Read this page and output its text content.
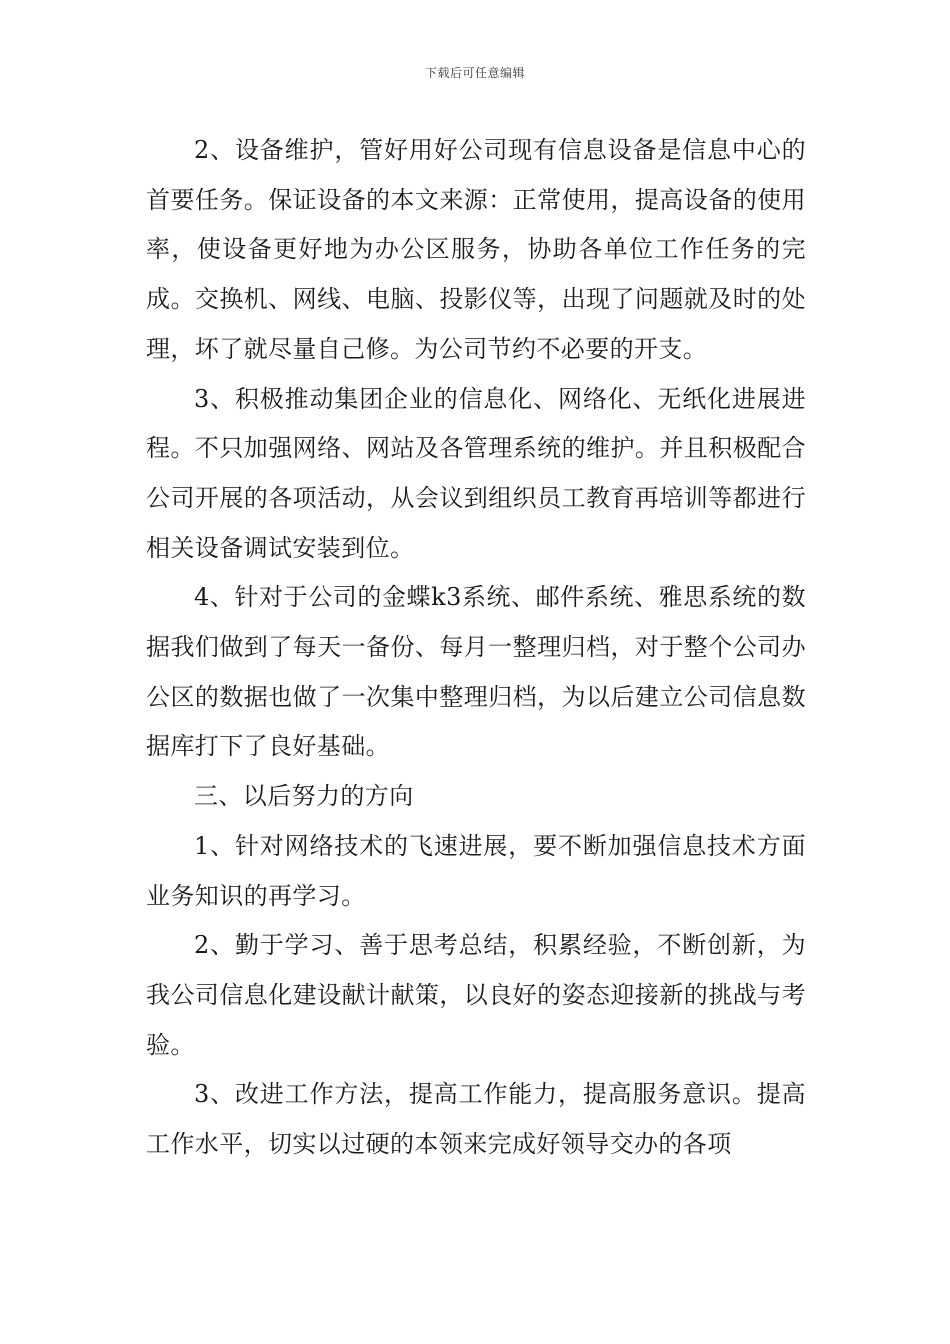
下载后可任意编辑

2、设备维护，管好用好公司现有信息设备是信息中心的首要任务。保证设备的本文来源：正常使用，提高设备的使用率，使设备更好地为办公区服务，协助各单位工作任务的完成。交换机、网线、电脑、投影仪等，出现了问题就及时的处理，坏了就尽量自己修。为公司节约不必要的开支。

3、积极推动集团企业的信息化、网络化、无纸化进展进程。不只加强网络、网站及各管理系统的维护。并且积极配合公司开展的各项活动，从会议到组织员工教育再培训等都进行相关设备调试安装到位。

4、针对于公司的金蝶k3系统、邮件系统、雅思系统的数据我们做到了每天一备份、每月一整理归档，对于整个公司办公区的数据也做了一次集中整理归档，为以后建立公司信息数据库打下了良好基础。

三、以后努力的方向

1、针对网络技术的飞速进展，要不断加强信息技术方面业务知识的再学习。

2、勤于学习、善于思考总结，积累经验，不断创新，为我公司信息化建设献计献策，以良好的姿态迎接新的挑战与考验。

3、改进工作方法，提高工作能力，提高服务意识。提高工作水平，切实以过硬的本领来完成好领导交办的各项
